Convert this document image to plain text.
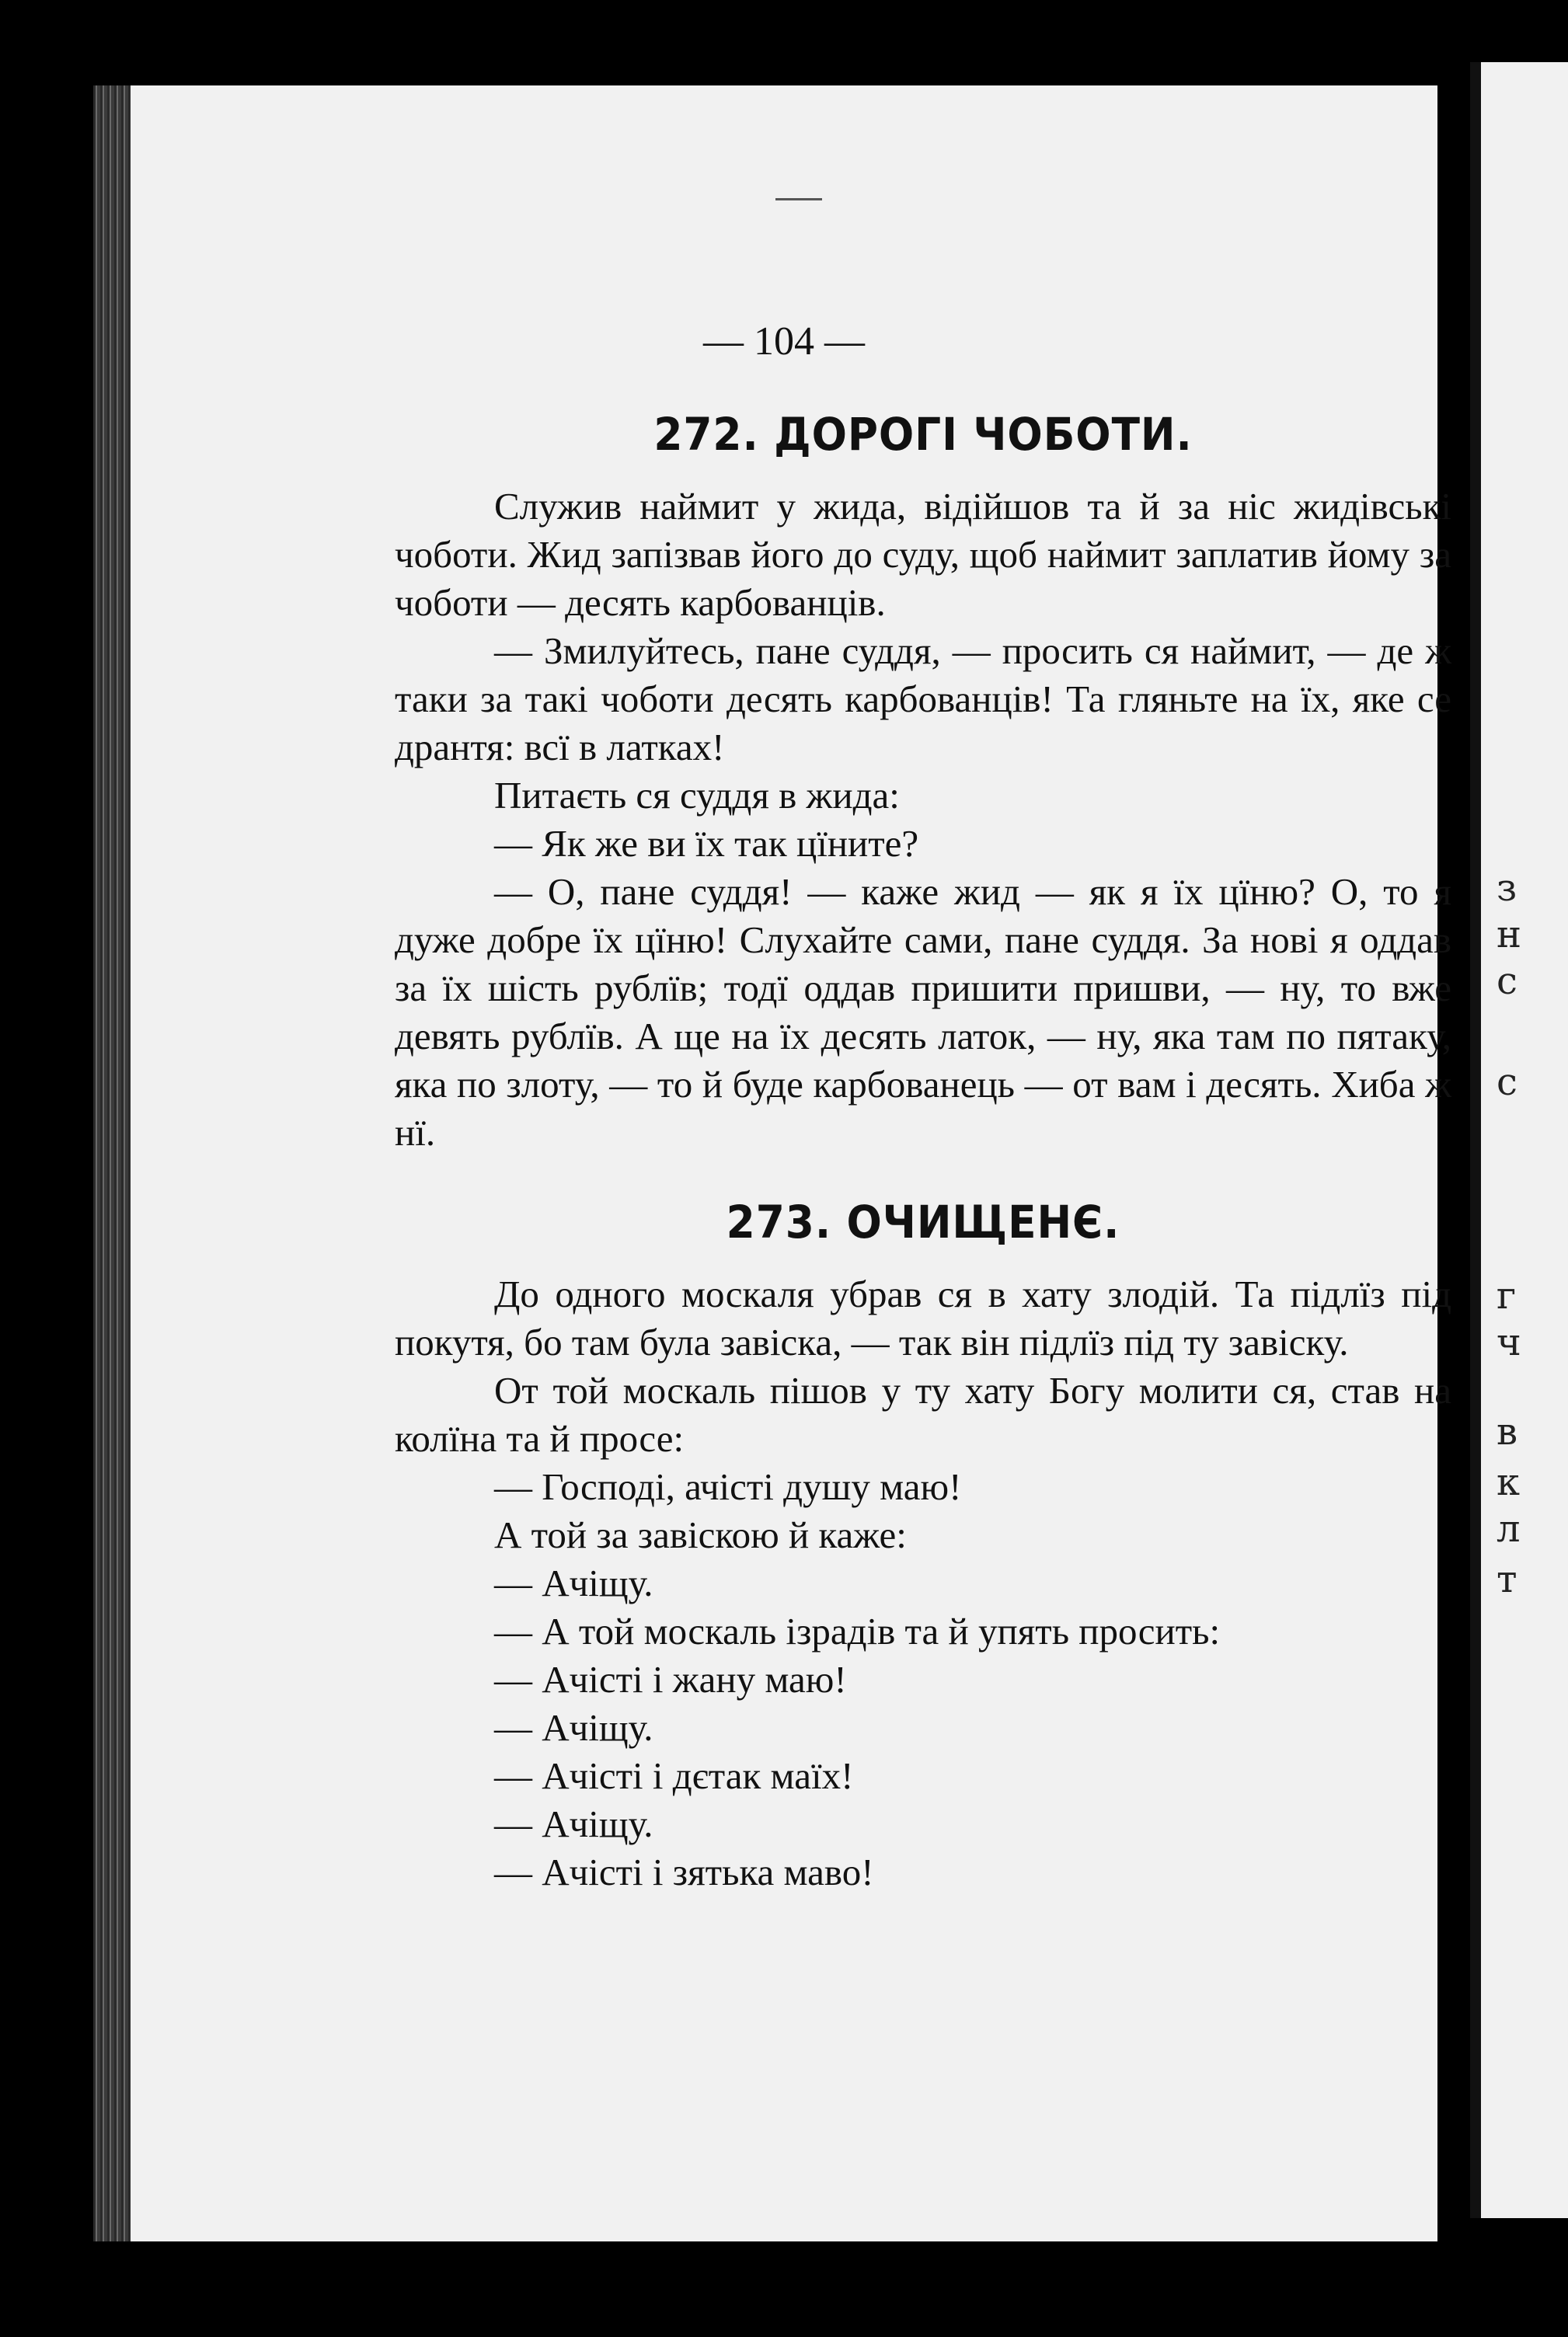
— 104 —
272. ДОРОГІ ЧОБОТИ.

Служив наймит у жида, відійшов та й за ніс жидівські чоботи. Жид запізвав його до суду, щоб наймит заплатив йому за чоботи — десять карбованців.

— Змилуйтесь, пане суддя, — просить ся наймит, — де ж таки за такі чоботи десять карбованців! Та гляньте на їх, яке се дрантя: всї в латках!

Питаєть ся суддя в жида:

— Як же ви їх так цїните?

— О, пане суддя! — каже жид — як я їх цїню? О, то я дуже добре їх цїню! Слухайте сами, пане суддя. За нові я оддав за їх шість рублїв; тодї оддав пришити пришви, — ну, то вже девять рублїв. А ще на їх десять латок, — ну, яка там по пятаку, яка по злоту, — то й буде карбованець — от вам і десять. Хиба ж нї.

273. ОЧИЩЕНЄ.

До одного москаля убрав ся в хату злодій. Та підлїз під покутя, бо там була завіска, — так він підлїз під ту завіску.

От той москаль пішов у ту хату Богу молити ся, став на колїна та й просе:

— Господі, ачісті душу маю!

А той за завіскою й каже:

— Ачіщу.

— А той москаль ізрадів та й упять просить:

— Ачісті і жану маю!

— Ачіщу.

— Ачісті і дєтак маїх!

— Ачіщу.

— Ачісті і зятька маво!

з
н
с
с
г
ч
в
к
л
т
